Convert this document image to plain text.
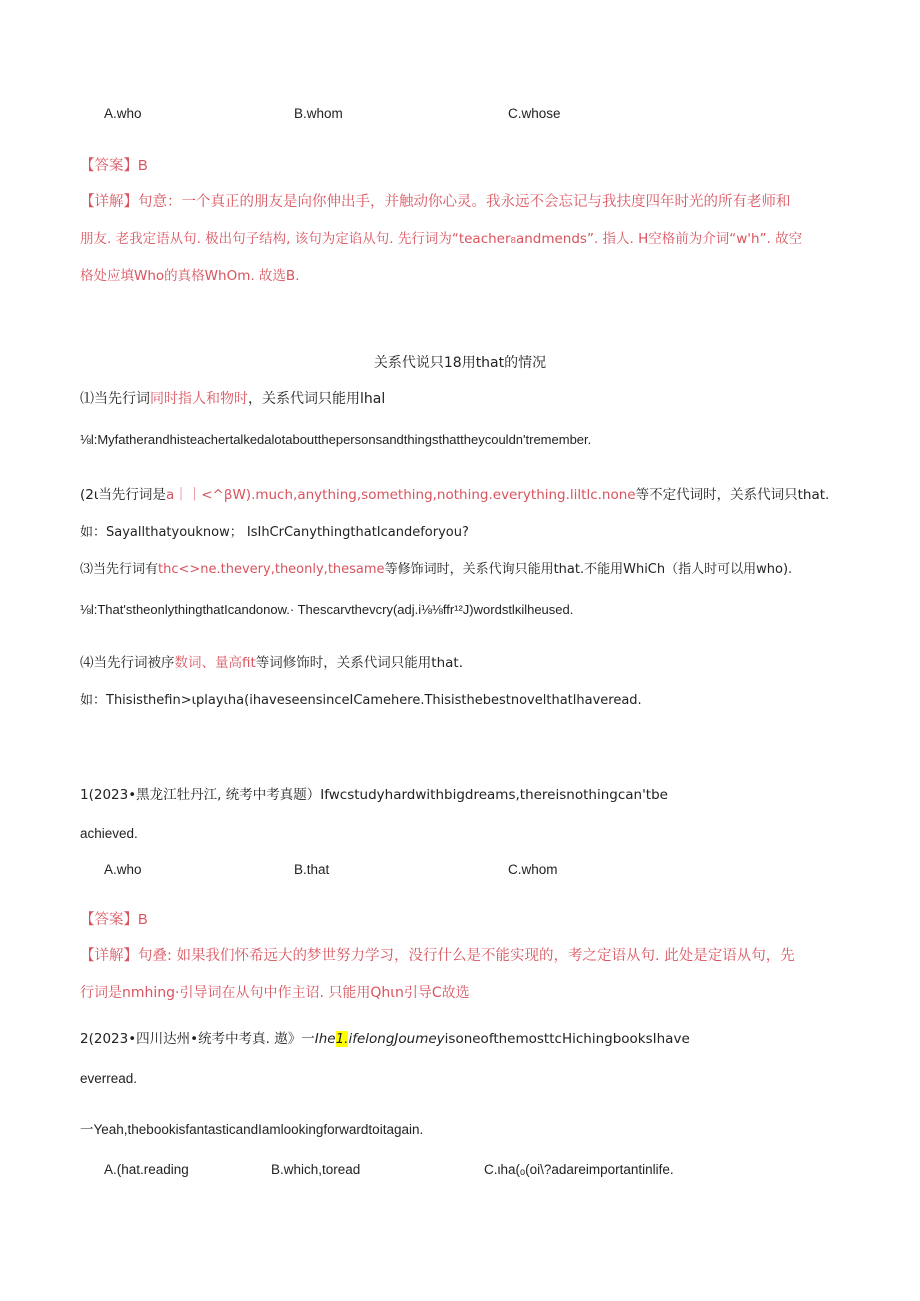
A.who	B.whom	C.whose
【答案】B
【详解】句意：一个真正的朋友是向你伸出手，并触动你心灵。我永远不会忘记与我扶度四年时光的所有老师和
朋友. 老我定语从句. 极出句子结构, 该句为定谄从句. 先行词为“teacher₈andmends”. 指人. H空格前为介词“w'h”. 故空
格处应填Who的真格WhOm. 故选B.
关系代说只18用that的情况
⑴当先行词同时指人和物时，关系代词只能用lhal
⅛l:Myfatherandhisteachertalkedalotaboutthepersonsandthingsthattheycouldn'tremember.
(2ι当先行词是a｜｜<^βW).much,anything,something,nothing.everything.liltlc.none等不定代词时，关系代词只that.
如：Sayallthatyouknow； IsIhCrCanythingthatIcandeforyou?
⑶当先行词有thc<>ne.thevery,theonly,thesame等修饰词时，关系代询只能用that.不能用WhiCh（指人时可以用who).
⅛l:That'stheonlythingthatIcandonow.· Thescarvthevcry(adj.i⅛⅛ffr¹²J)wordstlκilheused.
⑷当先行词被序数词、量高fit等词修饰时，关系代词只能用that.
如：Thisisthefin>ιplayιha(ihaveseensinceICamehere.Thisisthebestnovelthatlhaveread.
1(2023•黑龙江牡丹江, 统考中考真题）Ifwcstudyhardwithbigdreams,thereisnothingcan'tbe
achieved.
A.who	B.that	C.whom
【答案】B
【详解】句叠: 如果我们怀希远大的梦世努力学习，没行什么是不能实现的，考之定语从句. 此处是定语从句，先
行词是nmhing·引导词在从句中作主诏. 只能用Qhιn引导C故选
2(2023•四川达州•统考中考真. 遨》一Ihe1.ifelongJoumeyisoneofthemosttcHichingbooksIhave
everread.
一Yeah,thebookisfantasticandIamlookingforwardtoitagain.
A.(hat.reading	B.which,toread	C.ιha(ₒ(oi\?adareimportantinlife.
